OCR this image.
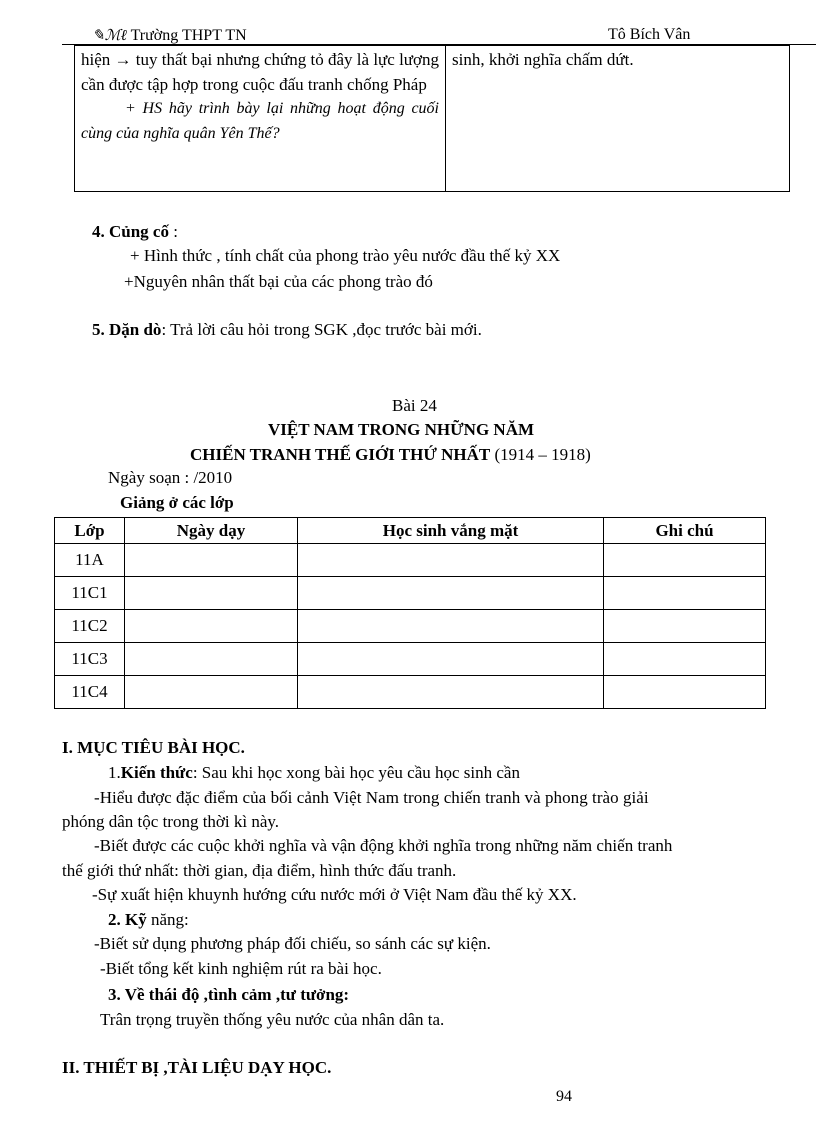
✎ℳℓ Trường THPT TN	Tô Bích Vân
hiện → tuy thất bại nhưng chứng tỏ đây là lực lượng cần được tập hợp trong cuộc đấu tranh chống Pháp

+ HS hãy trình bày lại những hoạt động cuối cùng của nghĩa quân Yên Thế?
	sinh, khởi nghĩa chấm dứt.
4. Củng cố :
+ Hình thức , tính chất của phong trào yêu nước đầu thế kỷ XX
+Nguyên nhân thất bại của các phong trào đó
5. Dặn dò: Trả lời câu hỏi trong SGK ,đọc trước bài mới.
Bài 24
VIỆT NAM TRONG NHỮNG NĂM
CHIẾN TRANH THẾ GIỚI THỨ NHẤT (1914 – 1918)
Ngày soạn : /2010
Giảng ở các lớp
Lớp	Ngày dạy	Học sinh vắng mặt	Ghi chú
11A			
11C1			
11C2			
11C3			
11C4			
I. MỤC TIÊU BÀI HỌC.
1.Kiến thức: Sau khi học xong bài học yêu cầu học sinh cần
-Hiểu được đặc điểm của bối cảnh Việt Nam trong chiến tranh và phong trào giải
phóng dân tộc trong thời kì này.
-Biết được các cuộc khởi nghĩa và vận động khởi nghĩa trong những năm chiến tranh
thế giới thứ nhất: thời gian, địa điểm, hình thức đấu tranh.
-Sự xuất hiện khuynh hướng cứu nước mới ở Việt Nam đầu thế kỷ XX.
2. Kỹ năng:
-Biết sử dụng phương pháp đối chiếu, so sánh các sự kiện.
-Biết tổng kết kinh nghiệm rút ra bài học.
3. Về thái độ ,tình cảm ,tư tưởng:
Trân trọng truyền thống yêu nước của nhân dân ta.
II. THIẾT BỊ ,TÀI LIỆU DẠY HỌC.
94
